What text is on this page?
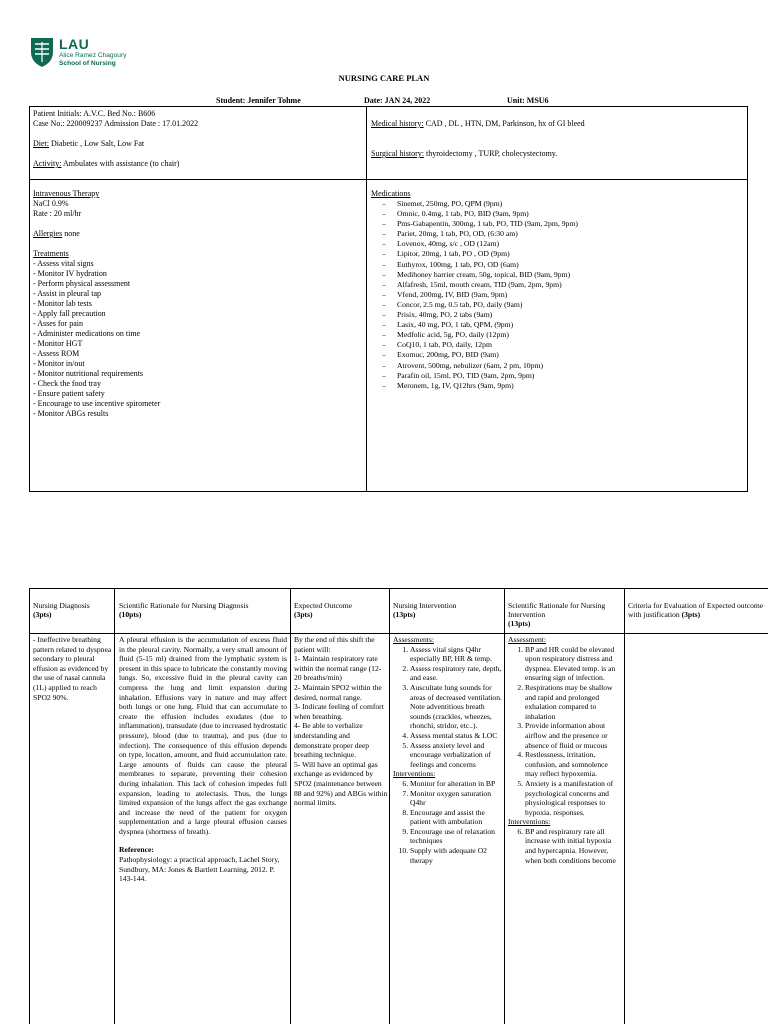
LAU
Alice Ramez Chagoury
School of Nursing
NURSING CARE PLAN
Student: Jennifer Tohme	Date: JAN 24, 2022	Unit: MSU6
Patient Initials: A.V.C. Bed No.: B606
Case No.: 220009237 Admission Date : 17.01.2022
Diet: Diabetic , Low Salt, Low Fat
Activity: Ambulates with assistance (to chair)
Medical history: CAD , DL , HTN, DM, Parkinson, hx of GI bleed
Surgical history: thyroidectomy , TURP, cholecystectomy.
Intravenous Therapy
NaCl 0.9%
Rate : 20 ml/hr
Allergies none
Treatments
- Assess vital signs
- Monitor IV hydration
- Perform physical assessment
- Assist in pleural tap
- Monitor lab tests
- Apply fall precaution
- Asses for pain
- Administer medications on time
- Monitor HGT
- Assess ROM
- Monitor in/out
- Monitor nutritional requirements
- Check the food tray
- Ensure patient safety
- Encourage to use incentive spirometer
- Monitor ABGs results
Medications
– Sinemet, 250mg, PO, QPM (9pm)
– Omnic, 0.4mg, 1 tab, PO, BID (9am, 9pm)
– Pms-Gabapentin, 300mg, 1 tab, PO, TID (9am, 2pm, 9pm)
– Pariet, 20mg, 1 tab, PO, OD, (6:30 am)
– Lovenox, 40mg, s/c , OD (12am)
– Lipitor, 20mg, 1 tab, PO , OD (9pm)
– Euthyrox, 100mg, 1 tab, PO, OD (6am)
– Medihoney barrier cream, 50g, topical, BID (9am, 9pm)
– Alfafresh, 15ml, mouth cream, TID (9am, 2pm, 9pm)
– Vfend, 200mg, IV, BID (9am, 9pm)
– Concor, 2.5 mg, 0.5 tab, PO, daily (9am)
– Prisix, 40mg, PO, 2 tabs (9am)
– Lasix, 40 mg, PO, 1 tab, QPM, (9pm)
– Medfolic acid, 5g, PO, daily (12pm)
– CoQ10, 1 tab, PO, daily, 12pm
– Exomuc, 200mg, PO, BID (9am)
– Atrovent, 500mg, nebulizer (6am, 2 pm, 10pm)
– Parafin oil, 15ml, PO, TID (9am, 2pm, 9pm)
– Meronem, 1g, IV, Q12hrs (9am, 9pm)
Nursing Diagnosis
(3pts)
Scientific Rationale for Nursing Diagnosis
(10pts)
Expected Outcome
(3pts)
Nursing Intervention
(13pts)
Scientific Rationale for Nursing Intervention
(13pts)
Criteria for Evaluation of Expected outcome with justification (3pts)
- Ineffective breathing pattern related to dyspnea secondary to pleural effusion as evidenced by the use of nasal cannula (1L) applied to reach SPO2 90%.
A pleural effusion is the accumulation of excess fluid in the pleural cavity. Normally, a very small amount of fluid (5-15 ml) drained from the lymphatic system is present in this space to lubricate the constantly moving lungs. So, excessive fluid in the pleural cavity can compress the lung and limit expansion during inhalation. Effusions vary in nature and may affect both lungs or one lung. Fluid that can accumulate to create the effusion includes exudates (due to inflammation), transudate (due to increased hydrostatic pressure), blood (due to trauma), and pus (due to infection). The consequence of this effusion depends on type, location, amount, and fluid accumulation rate. Large amounts of fluids can cause the pleural membranes to separate, preventing their cohesion during inhalation. This lack of cohesion impedes full expansion, leading to atelectasis. Thus, the lungs limited expansion of the lungs affect the gas exchange and increase the need of the patient for oxygen supplementation and a large pleural effusion causes dyspnea (shortness of breath).
Reference:
Pathophysiology: a practical approach, Lachel Story, Sundbury, MA: Jones & Bartlett Learning, 2012. P. 143-144.
By the end of this shift the patient will:
1- Maintain respiratory rate within the normal range (12-20 breaths/min)
2- Maintain SPO2 within the desired, normal range.
3- Indicate feeling of comfort when breathing.
4- Be able to verbalize understanding and demonstrate proper deep breathing technique.
5- Will have an optimal gas exchange as evidenced by SPO2 (maintenance between 88 and 92%) and ABGs within normal limits.
Assessments:
1. Assess vital signs Q4hr especially BP, HR & temp.
2. Assess respiratory rate, depth, and ease.
3. Auscultate lung sounds for areas of decreased ventilation. Note adventitious breath sounds (crackles, wheezes, rhonchi, stridor, etc..).
4. Assess mental status & LOC
5. Assess anxiety level and encourage verbalization of feelings and concerns
Interventions:
6. Monitor for alteration in BP
7. Monitor oxygen saturation Q4hr
8. Encourage and assist the patient with ambulation
9. Encourage use of relaxation techniques
10. Supply with adequate O2 therapy
Assessment:
1. BP and HR could be elevated upon respiratory distress and dyspnea. Elevated temp. is an ensuring sign of infection.
2. Respirations may be shallow and rapid and prolonged exhalation compared to inhalation
3. Provide information about airflow and the presence or absence of fluid or mucous
4. Restlessness, irritation, confusion, and somnolence may reflect hypoxemia.
5. Anxiety is a manifestation of psychological concerns and physiological responses to hypoxia. responses.
Interventions:
6. BP and respiratory rate all increase with initial hypoxia and hypercapnia. However, when both conditions become
